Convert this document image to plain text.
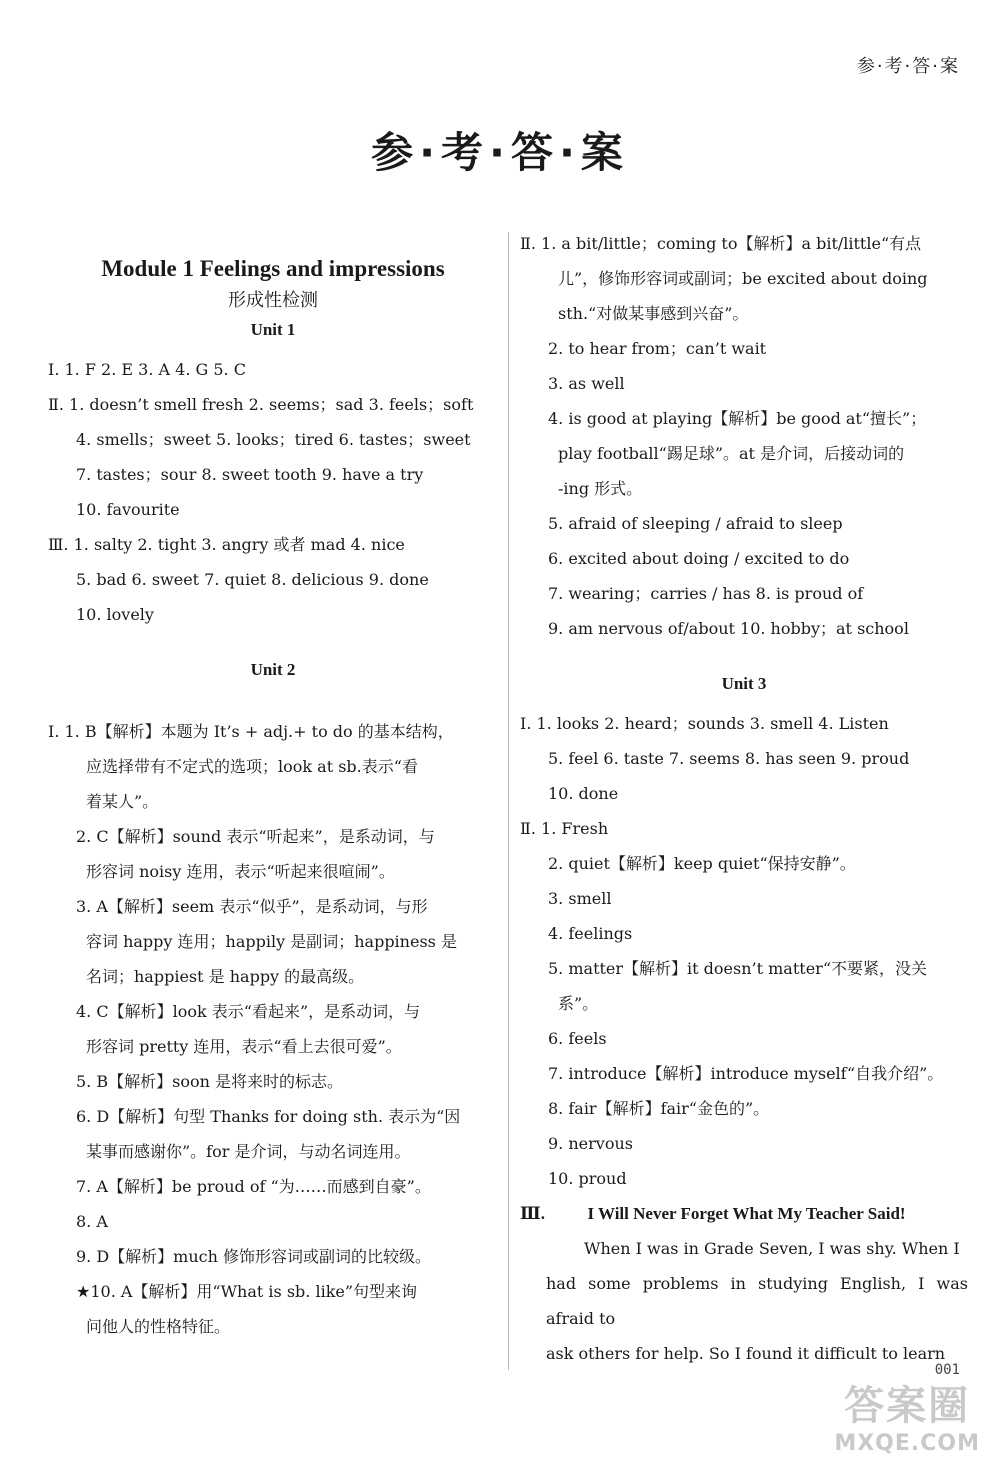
参·考·答·案
参·考·答·案
Module 1 Feelings and impressions
形成性检测
Unit 1
Ⅰ. 1. F 2. E 3. A 4. G 5. C
Ⅱ. 1. doesn’t smell fresh 2. seems；sad 3. feels；soft
4. smells；sweet 5. looks；tired 6. tastes；sweet
7. tastes；sour 8. sweet tooth 9. have a try
10. favourite
Ⅲ. 1. salty 2. tight 3. angry 或者 mad 4. nice
5. bad 6. sweet 7. quiet 8. delicious 9. done
10. lovely
Unit 2
Ⅰ. 1. B【解析】本题为 It’s + adj.+ to do 的基本结构，
应选择带有不定式的选项；look at sb.表示“看
着某人”。
2. C【解析】sound 表示“听起来”，是系动词，与
形容词 noisy 连用，表示“听起来很喧闹”。
3. A【解析】seem 表示“似乎”，是系动词，与形
容词 happy 连用；happily 是副词；happiness 是
名词；happiest 是 happy 的最高级。
4. C【解析】look 表示“看起来”，是系动词，与
形容词 pretty 连用，表示“看上去很可爱”。
5. B【解析】soon 是将来时的标志。
6. D【解析】句型 Thanks for doing sth. 表示为“因
某事而感谢你”。for 是介词，与动名词连用。
7. A【解析】be proud of “为……而感到自豪”。
8. A
9. D【解析】much 修饰形容词或副词的比较级。
★10. A【解析】用“What is sb. like”句型来询
问他人的性格特征。
Ⅱ. 1. a bit/little；coming to【解析】a bit/little“有点
儿”，修饰形容词或副词；be excited about doing
sth.“对做某事感到兴奋”。
2. to hear from；can’t wait
3. as well
4. is good at playing【解析】be good at“擅长”；
play football“踢足球”。at 是介词，后接动词的
-ing 形式。
5. afraid of sleeping / afraid to sleep
6. excited about doing / excited to do
7. wearing；carries / has 8. is proud of
9. am nervous of/about 10. hobby；at school
Unit 3
Ⅰ. 1. looks 2. heard；sounds 3. smell 4. Listen
5. feel 6. taste 7. seems 8. has seen 9. proud
10. done
Ⅱ. 1. Fresh
2. quiet【解析】keep quiet“保持安静”。
3. smell
4. feelings
5. matter【解析】it doesn’t matter“不要紧，没关
系”。
6. feels
7. introduce【解析】introduce myself“自我介绍”。
8. fair【解析】fair“金色的”。
9. nervous
10. proud
Ⅲ.	I Will Never Forget What My Teacher Said!
When I was in Grade Seven, I was shy. When I
had some problems in studying English, I was afraid to
ask others for help. So I found it difficult to learn
001
答案圈
MXQE.COM
